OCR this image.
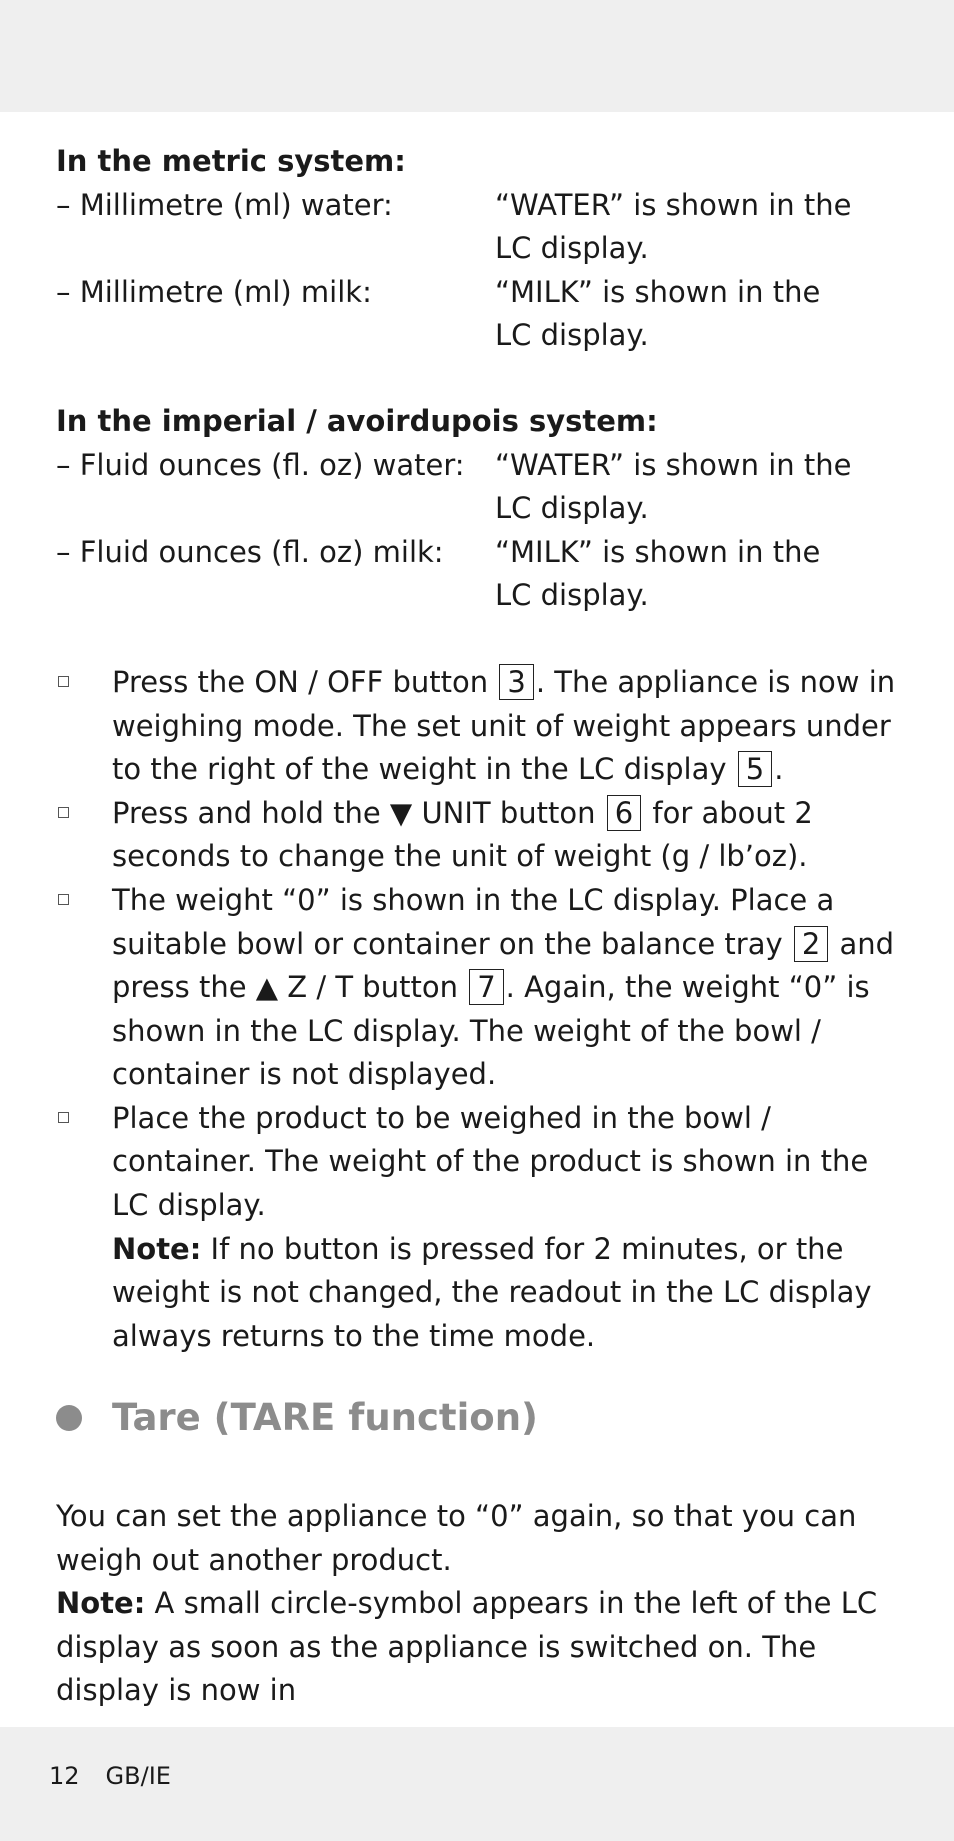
In the metric system:

– Millimetre (ml) water:	“WATER” is shown in the
LC display.
– Millimetre (ml) milk:	“MILK” is shown in the
LC display.

In the imperial / avoirdupois system:

– Fluid ounces (fl. oz) water:	“WATER” is shown in the
LC display.
– Fluid ounces (fl. oz) milk:	“MILK” is shown in the
LC display.
Press the ON / OFF button 3 . The appliance is now in weighing mode. The set unit of weight appears under to the right of the weight in the LC display 5 .
Press and hold the ▼ UNIT button 6 for about 2 seconds to change the unit of weight (g / lb’oz).
The weight “0” is shown in the LC display. Place a suitable bowl or container on the balance tray 2 and press the ▲ Z / T button 7 . Again, the weight “0” is shown in the LC display. The weight of the bowl / container is not displayed.
Place the product to be weighed in the bowl / container. The weight of the product is shown in the LC display.
Note: If no button is pressed for 2 minutes, or the weight is not changed, the readout in the LC display always returns to the time mode.
Tare (TARE function)

You can set the appliance to “0” again, so that you can weigh out another product.

Note: A small circle-symbol appears in the left of the LC display as soon as the appliance is switched on. The display is now in

12 GB/IE
